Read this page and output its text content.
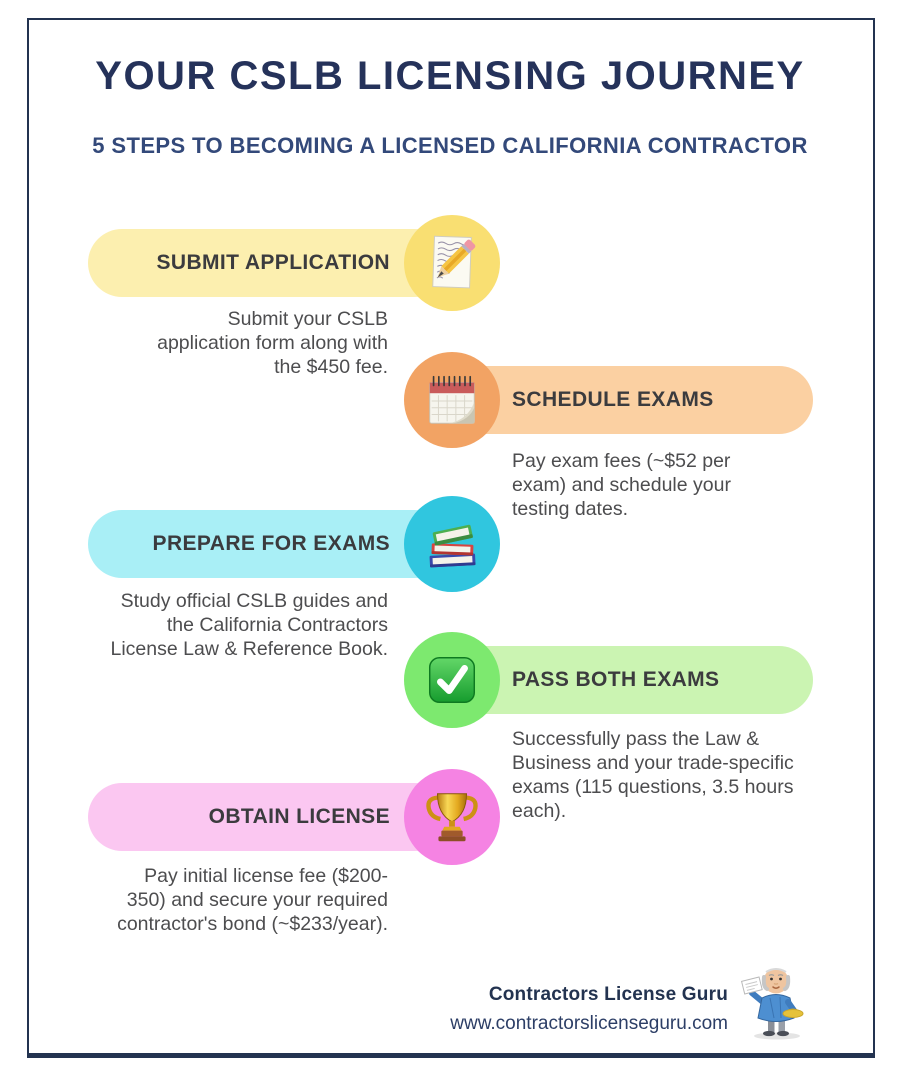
YOUR CSLB LICENSING JOURNEY
5 STEPS TO BECOMING A LICENSED CALIFORNIA CONTRACTOR
SUBMIT APPLICATION
Submit your CSLB
application form along with
the $450 fee.
SCHEDULE EXAMS
Pay exam fees (~$52 per
exam) and schedule your
testing dates.
PREPARE FOR EXAMS
Study official CSLB guides and
the California Contractors
License Law & Reference Book.
PASS BOTH EXAMS
Successfully pass the Law &
Business and your trade-specific
exams (115 questions, 3.5 hours
each).
OBTAIN LICENSE
Pay initial license fee ($200-
350) and secure your required
contractor's bond (~$233/year).
Contractors License Guru
www.contractorslicenseguru.com
